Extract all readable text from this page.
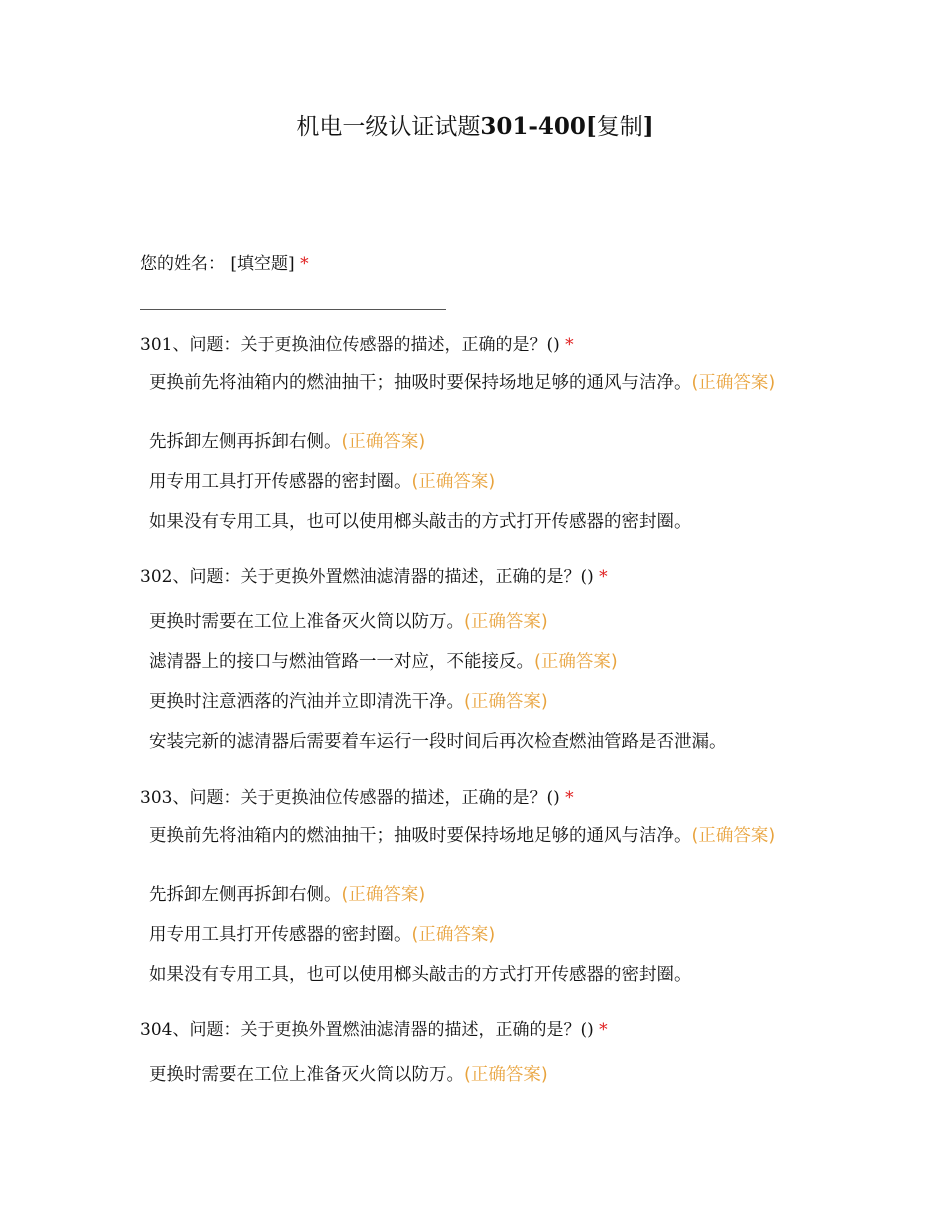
机电一级认证试题301-400[复制]
您的姓名： [填空题] *
301、问题：关于更换油位传感器的描述，正确的是？() *
更换前先将油箱内的燃油抽干；抽吸时要保持场地足够的通风与洁净。(正确答案)
先拆卸左侧再拆卸右侧。(正确答案)
用专用工具打开传感器的密封圈。(正确答案)
如果没有专用工具，也可以使用榔头敲击的方式打开传感器的密封圈。
302、问题：关于更换外置燃油滤清器的描述，正确的是？() *
更换时需要在工位上准备灭火筒以防万。(正确答案)
滤清器上的接口与燃油管路一一对应，不能接反。(正确答案)
更换时注意洒落的汽油并立即清洗干净。(正确答案)
安装完新的滤清器后需要着车运行一段时间后再次检查燃油管路是否泄漏。
303、问题：关于更换油位传感器的描述，正确的是？() *
更换前先将油箱内的燃油抽干；抽吸时要保持场地足够的通风与洁净。(正确答案)
先拆卸左侧再拆卸右侧。(正确答案)
用专用工具打开传感器的密封圈。(正确答案)
如果没有专用工具，也可以使用榔头敲击的方式打开传感器的密封圈。
304、问题：关于更换外置燃油滤清器的描述，正确的是？() *
更换时需要在工位上准备灭火筒以防万。(正确答案)
